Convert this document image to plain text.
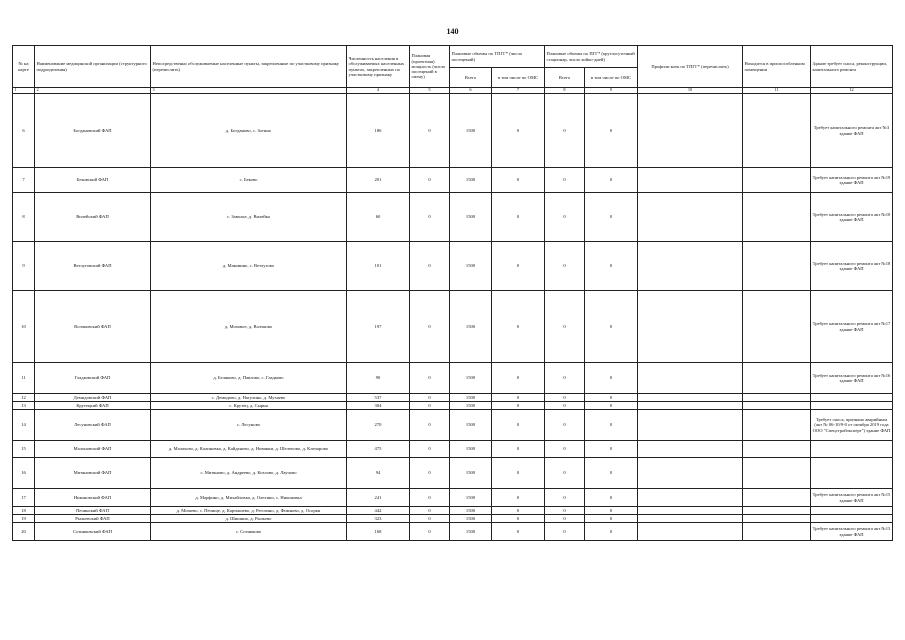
140
№ на карте	Наименование медицинской организации (структурного подразделения)	Непосредственно обслуживаемые населенные пункты, закрепленные по участковому признаку (перечислить)	Численность населения в обслуживаемых населенных пунктах, закрепленных по участковому признаку	Плановая (проектная) мощность (число посещений в смену)	Плановые объемы по ТПГГ* (число посещений)		Плановые объемы по ПГГ* (круглосуточный стационар, число койко-дней)		Профили коек по ТПГГ* (перечислить)	Находится в приспособленном помещении	Здание требует сноса, реконструкции, капитального ремонта
					Всего	в том числе по ОМС	Всего	в том числе по ОМС			
1	2	3	4	5	6	7	8	9	10	11	12
6	Богдановский ФАП	д. Богданово, с. Зотино	186	0	1500	0	0	0			Требует капитального ремонта акт №3 здание ФАП
7	Бековский ФАП	с. Беково	201	0	1500	0	0	0			Требует капитального ремонта акт №19 здание ФАП
8	Вилейский ФАП	с. Заволье, д. Вилейка	60	0	1500	0	0	0			Требует капитального ремонта акт №10 здание ФАП
9	Ветлуговский ФАП	д. Маковино, с. Ветлугово	101	0	1500	0	0	0			Требует капитального ремонта акт №18 здание ФАП
10	Волчковский ФАП	д. Моховое, д. Волчково	197	0	1500	0	0	0			Требует капитального ремонта акт №17 здание ФАП
11	Гладковский ФАП	д. Беляково, д. Павлово, с. Гладково	90	0	1500	0	0	0			Требует капитального ремонта акт №16 здание ФАП
12	Демидовский ФАП	с. Демидово, д. Нагулино, д. Мухаево	537	0	1500	0	0	0			
13	Крутецкий ФАП	с. Крутец, д. Сырня	304	0	1500	0	0	0			
14	Лесуновский ФАП	с. Лесуново	270	0	1500	0	0	0			Требует сноса, признано аварийным (акт № 06-10/9-0 от октября 2019 года ООО "Спецстройэксперт") здание ФАП
15	Малоновский ФАП	д. Малахово, д. Калиновка, д. Кайданово, д. Новинки, д. Шелепово, д. Клепарово	475	0	1500	0	0	0			
16	Митяновский ФАП	с. Митяново, д. Андреево, д. Козлово, д. Лаучово	94	0	1500	0	0	0			
17	Никоновский ФАП	д. Марфино, д. Михайловка, д. Олехино, с. Никоновка	241	0	1500	0	0	0			Требует капитального ремонта акт №15 здание ФАП
18	Печинский ФАП	д. Мошево, с. Печище, д. Картышево, д. Регозино, д. Фимново, д. Осорки	442	0	1500	0	0	0			
19	Рыльевский ФАП	д. Шишино, д. Рыльево	323	0	1500	0	0	0			
20	Сотниковский ФАП	с. Сотниково	168	0	1500	0	0	0			Требует капитального ремонта акт №13 здание ФАП
